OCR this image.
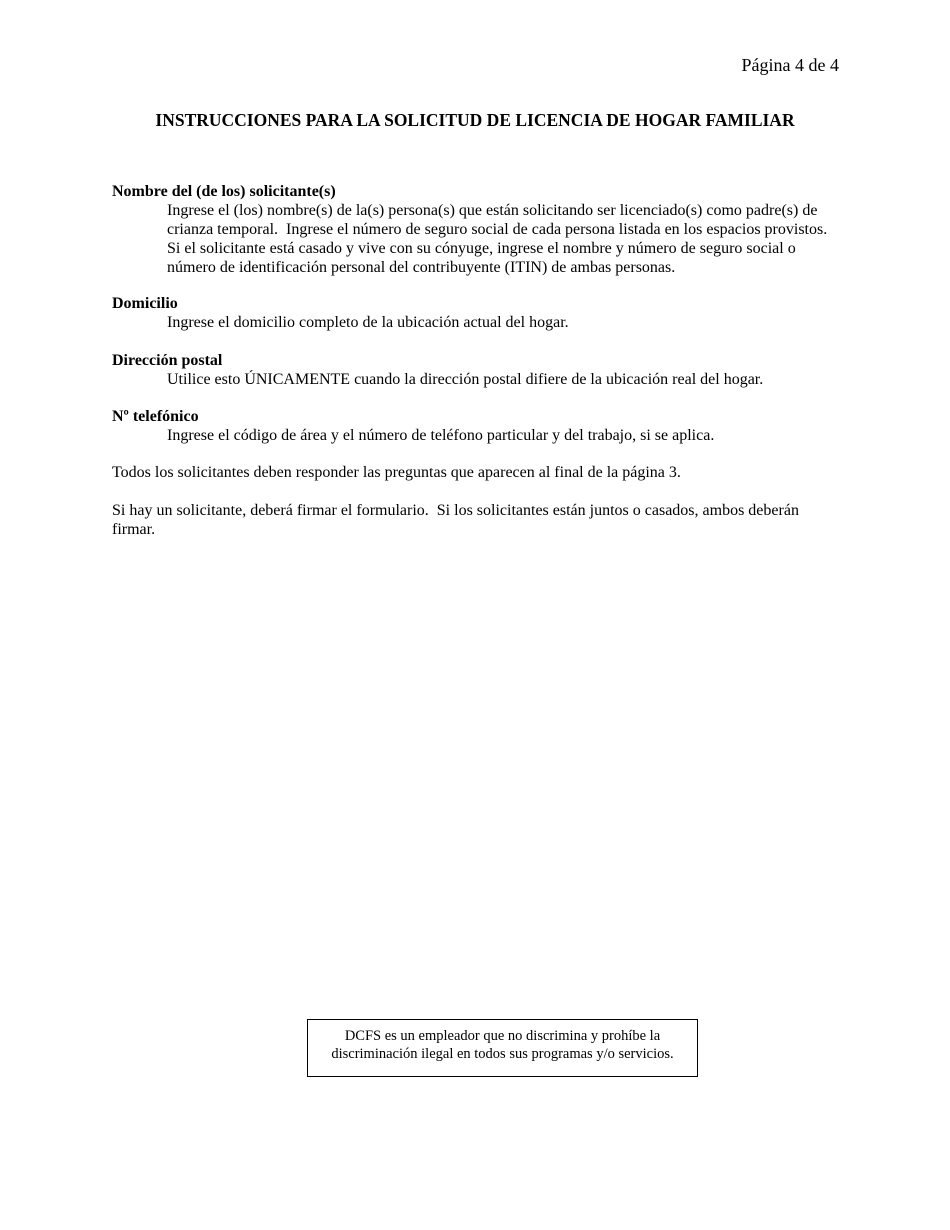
Página 4 de 4
INSTRUCCIONES PARA LA SOLICITUD DE LICENCIA DE HOGAR FAMILIAR
Nombre del (de los) solicitante(s)
Ingrese el (los) nombre(s) de la(s) persona(s) que están solicitando ser licenciado(s) como padre(s) de crianza temporal.  Ingrese el número de seguro social de cada persona listada en los espacios provistos.  Si el solicitante está casado y vive con su cónyuge, ingrese el nombre y número de seguro social o número de identificación personal del contribuyente (ITIN) de ambas personas.
Domicilio
Ingrese el domicilio completo de la ubicación actual del hogar.
Dirección postal
Utilice esto ÚNICAMENTE cuando la dirección postal difiere de la ubicación real del hogar.
Nº telefónico
Ingrese el código de área y el número de teléfono particular y del trabajo, si se aplica.
Todos los solicitantes deben responder las preguntas que aparecen al final de la página 3.
Si hay un solicitante, deberá firmar el formulario.  Si los solicitantes están juntos o casados, ambos deberán firmar.
DCFS es un empleador que no discrimina y prohíbe la discriminación ilegal en todos sus programas y/o servicios.
